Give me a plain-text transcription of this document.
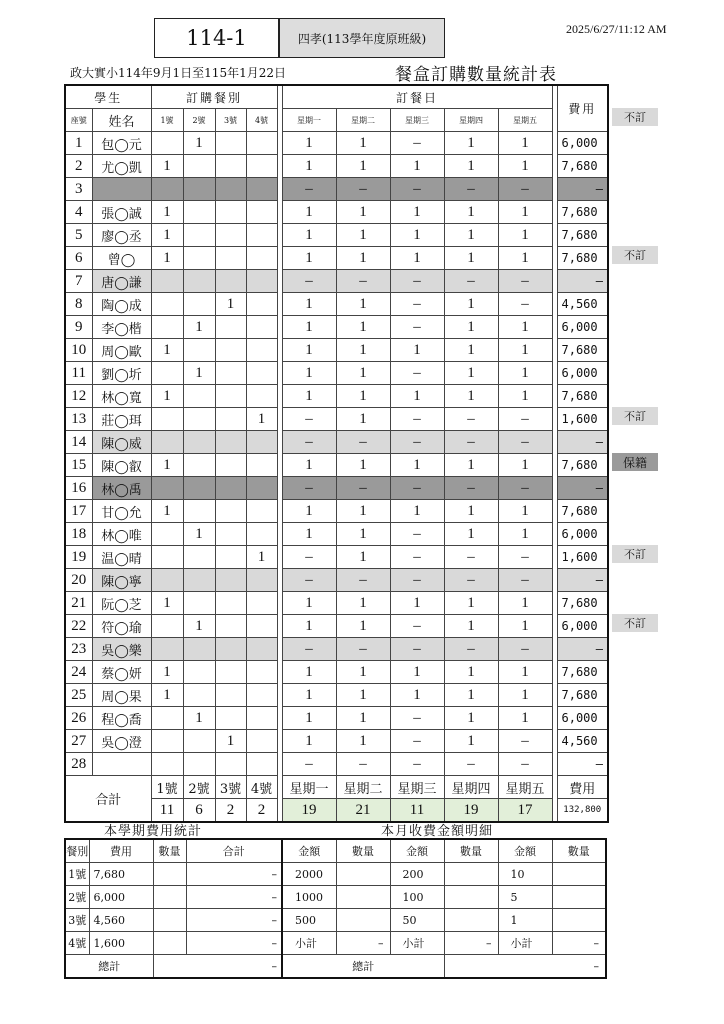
2025/6/27/11:12 AM
114-1	四孝(113學年度原班級)
政大實小114年9月1日至115年1月22日	餐盒訂購數量統計表
學生		訂購餐別					訂餐日						費用
座號	姓名	1號	2號	3號	4號		星期一	星期二	星期三	星期四	星期五		
1	包◯元		1				1	1	–	1	1		6,000
2	尤◯凱	1					1	1	1	1	1		7,680
3							–	–	–	–	–		–
4	張◯誠	1					1	1	1	1	1		7,680
5	廖◯丞	1					1	1	1	1	1		7,680
6	曾◯	1					1	1	1	1	1		7,680
7	唐◯謙						–	–	–	–	–		–
8	陶◯成			1			1	1	–	1	–		4,560
9	李◯楷		1				1	1	–	1	1		6,000
10	周◯歐	1					1	1	1	1	1		7,680
11	劉◯圻		1				1	1	–	1	1		6,000
12	林◯寬	1					1	1	1	1	1		7,680
13	莊◯珥				1		–	1	–	–	–		1,600
14	陳◯威						–	–	–	–	–		–
15	陳◯叡	1					1	1	1	1	1		7,680
16	林◯禹						–	–	–	–	–		–
17	甘◯允	1					1	1	1	1	1		7,680
18	林◯唯		1				1	1	–	1	1		6,000
19	温◯晴				1		–	1	–	–	–		1,600
20	陳◯寧						–	–	–	–	–		–
21	阮◯芝	1					1	1	1	1	1		7,680
22	符◯瑜		1				1	1	–	1	1		6,000
23	吳◯樂						–	–	–	–	–		–
24	蔡◯妍	1					1	1	1	1	1		7,680
25	周◯果	1					1	1	1	1	1		7,680
26	程◯喬		1				1	1	–	1	1		6,000
27	吳◯澄			1			1	1	–	1	–		4,560
28							–	–	–	–	–		–
合計		1號	2號	3號	4號		星期一	星期二	星期三	星期四	星期五		費用
		11	6	2	2		19	21	11	19	17		132,800
不訂
不訂
不訂
保籍
不訂
不訂
本學期費用統計
餐別	費用	數量	合計
1號	7,680		–
2號	6,000		–
3號	4,560		–
4號	1,600		–
總計		–	
本月收費金額明細
金額	數量	金額	數量	金額	數量
2000		200		10	
1000		100		5	
500		50		1	
小計	–	小計	–	小計	–
總計			–		
